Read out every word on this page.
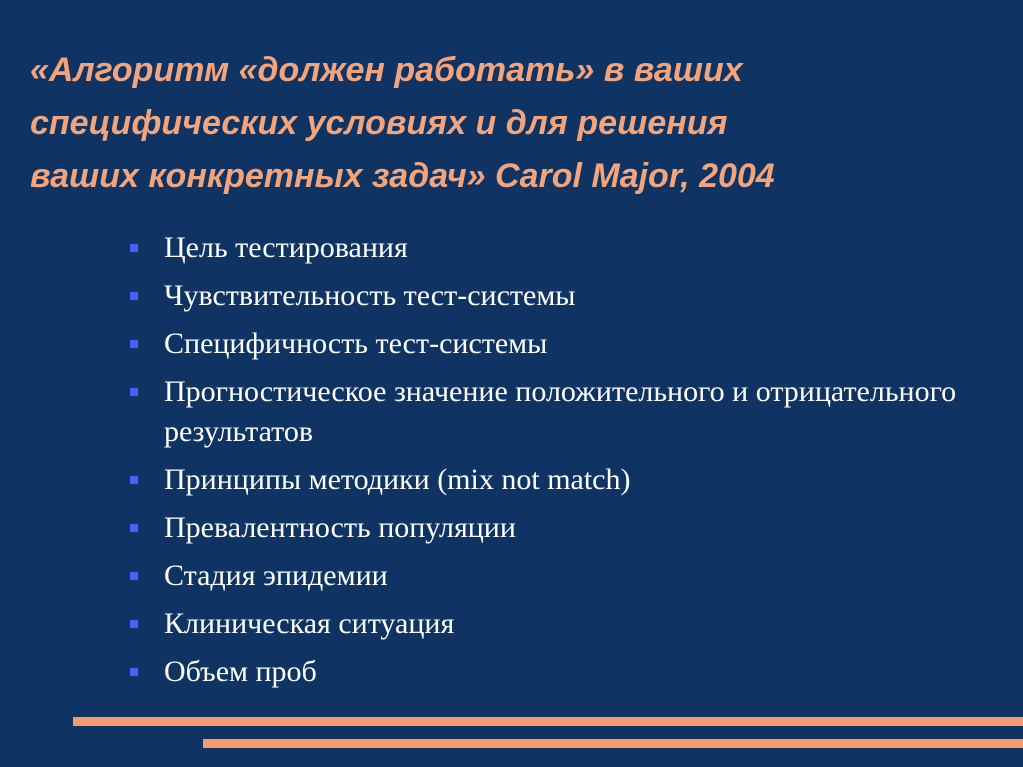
«Алгоритм «должен работать» в ваших
специфических условиях и для решения
ваших конкретных задач» Carol Major, 2004
Цель тестирования
Чувствительность тест-системы
Специфичность тест-системы
Прогностическое значение положительного и отрицательного результатов
Принципы методики (mix not match)
Превалентность популяции
Стадия эпидемии
Клиническая ситуация
Объем проб
